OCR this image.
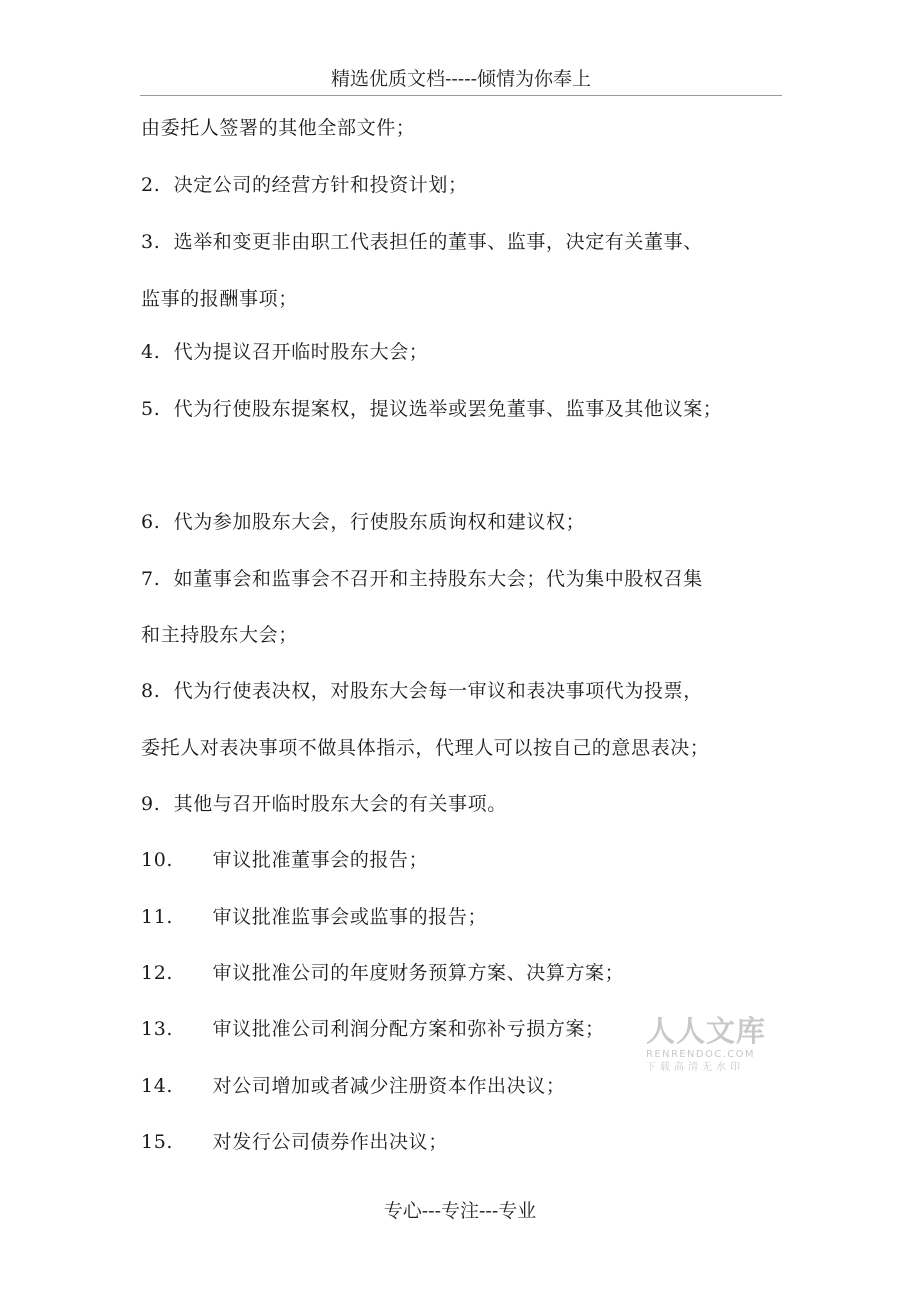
精选优质文档-----倾情为你奉上
由委托人签署的其他全部文件；
2. 决定公司的经营方针和投资计划；
3. 选举和变更非由职工代表担任的董事、监事，决定有关董事、
监事的报酬事项；
4. 代为提议召开临时股东大会；
5. 代为行使股东提案权，提议选举或罢免董事、监事及其他议案；
6. 代为参加股东大会，行使股东质询权和建议权；
7. 如董事会和监事会不召开和主持股东大会；代为集中股权召集
和主持股东大会；
8. 代为行使表决权，对股东大会每一审议和表决事项代为投票，
委托人对表决事项不做具体指示，代理人可以按自己的意思表决；
9. 其他与召开临时股东大会的有关事项。
10. 审议批准董事会的报告；
11. 审议批准监事会或监事的报告；
12. 审议批准公司的年度财务预算方案、决算方案；
13. 审议批准公司利润分配方案和弥补亏损方案；
14. 对公司增加或者减少注册资本作出决议；
15. 对发行公司债券作出决议；
人人文库
RENRENDOC.COM
下载高清无水印
专心---专注---专业
